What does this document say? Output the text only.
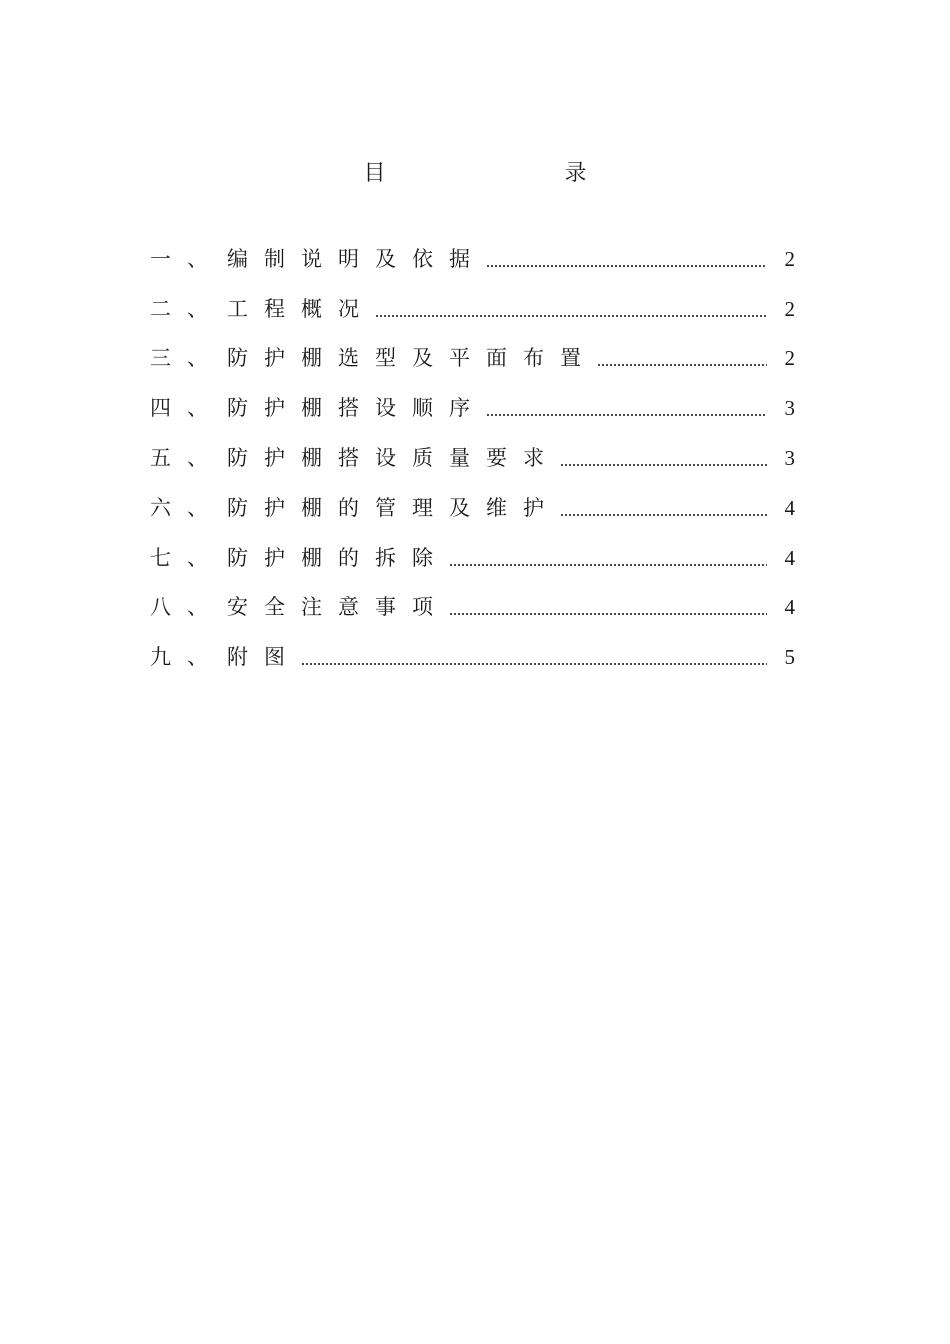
目　　录
一、 编制说明及依据	2
二、 工程概况	2
三、 防护棚选型及平面布置	2
四、 防护棚搭设顺序	3
五、 防护棚搭设质量要求	3
六、 防护棚的管理及维护	4
七、 防护棚的拆除	4
八、 安全注意事项	4
九、 附图	5
